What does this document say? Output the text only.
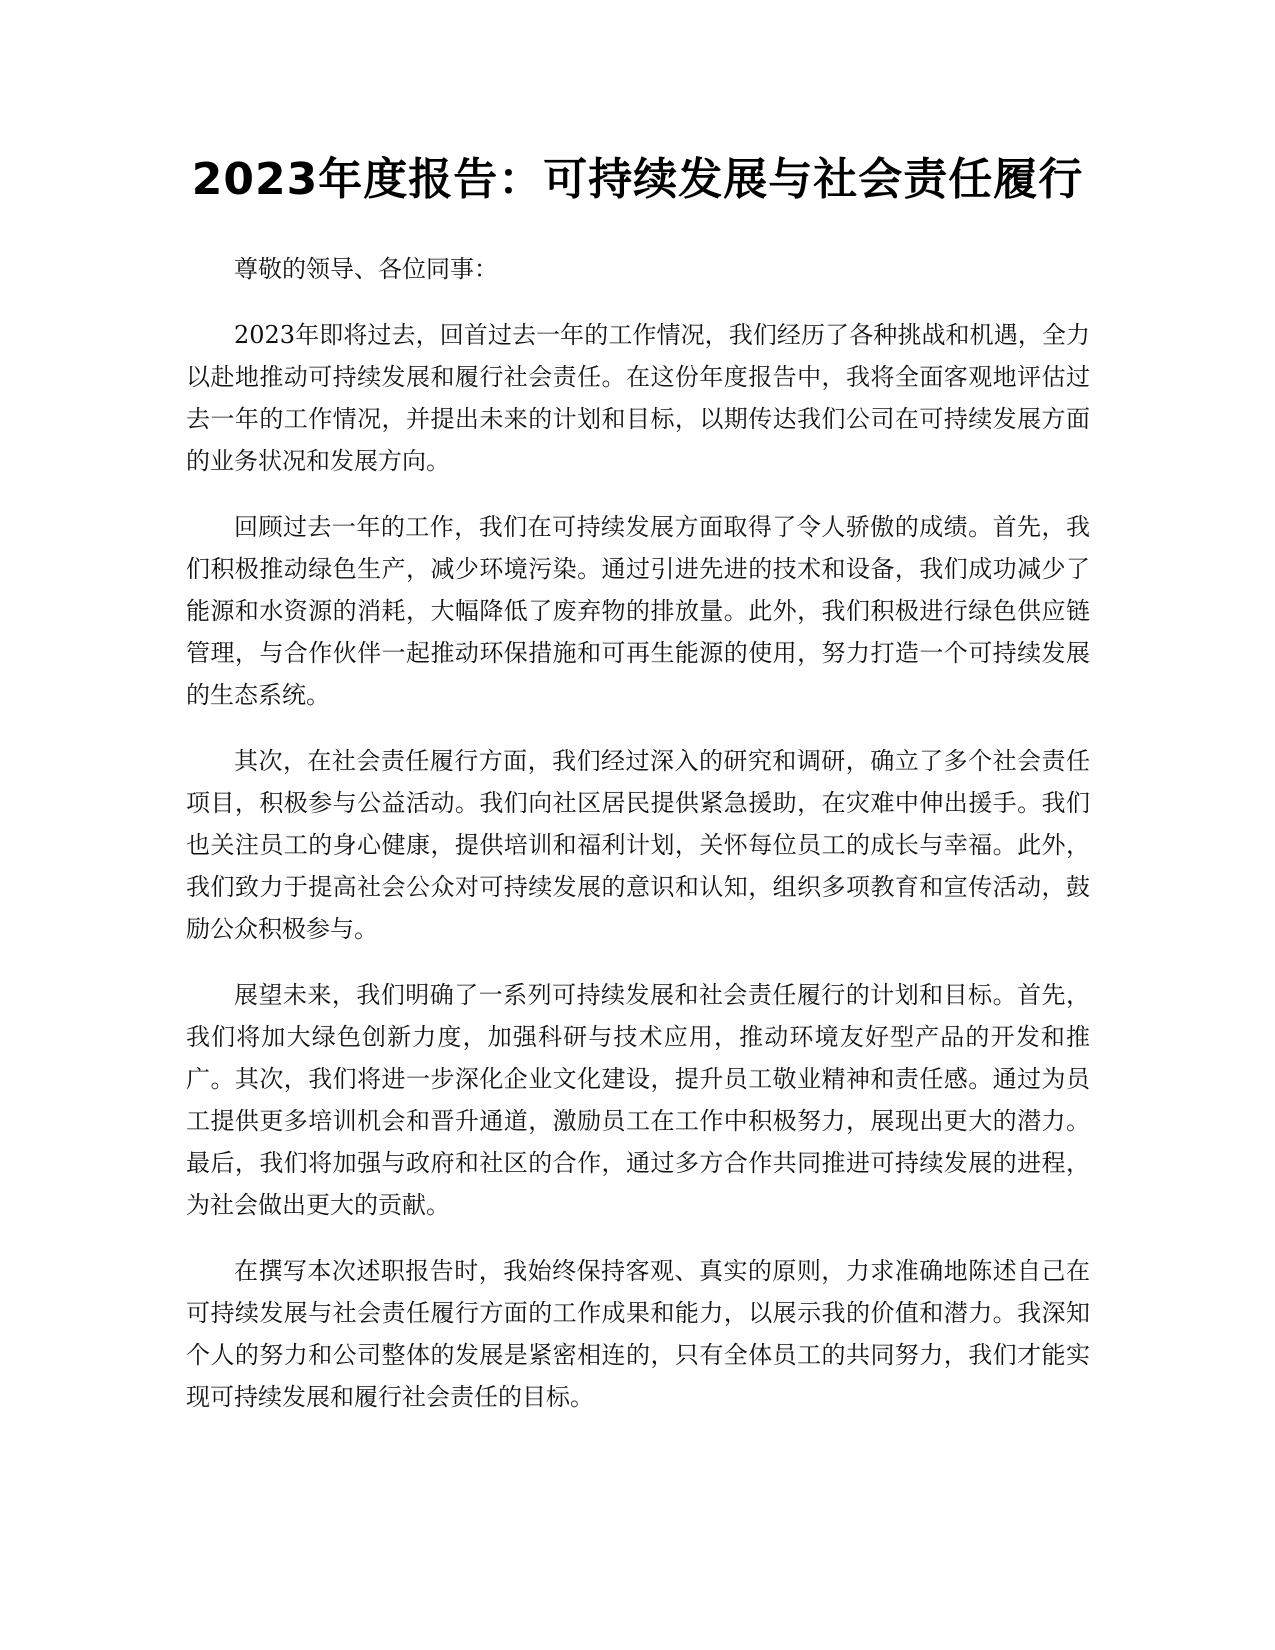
2023年度报告：可持续发展与社会责任履行

尊敬的领导、各位同事：

2023年即将过去，回首过去一年的工作情况，我们经历了各种挑战和机遇，全力以赴地推动可持续发展和履行社会责任。在这份年度报告中，我将全面客观地评估过去一年的工作情况，并提出未来的计划和目标，以期传达我们公司在可持续发展方面的业务状况和发展方向。

回顾过去一年的工作，我们在可持续发展方面取得了令人骄傲的成绩。首先，我们积极推动绿色生产，减少环境污染。通过引进先进的技术和设备，我们成功减少了能源和水资源的消耗，大幅降低了废弃物的排放量。此外，我们积极进行绿色供应链管理，与合作伙伴一起推动环保措施和可再生能源的使用，努力打造一个可持续发展的生态系统。

其次，在社会责任履行方面，我们经过深入的研究和调研，确立了多个社会责任项目，积极参与公益活动。我们向社区居民提供紧急援助，在灾难中伸出援手。我们也关注员工的身心健康，提供培训和福利计划，关怀每位员工的成长与幸福。此外，我们致力于提高社会公众对可持续发展的意识和认知，组织多项教育和宣传活动，鼓励公众积极参与。

展望未来，我们明确了一系列可持续发展和社会责任履行的计划和目标。首先，我们将加大绿色创新力度，加强科研与技术应用，推动环境友好型产品的开发和推广。其次，我们将进一步深化企业文化建设，提升员工敬业精神和责任感。通过为员工提供更多培训机会和晋升通道，激励员工在工作中积极努力，展现出更大的潜力。最后，我们将加强与政府和社区的合作，通过多方合作共同推进可持续发展的进程，为社会做出更大的贡献。

在撰写本次述职报告时，我始终保持客观、真实的原则，力求准确地陈述自己在可持续发展与社会责任履行方面的工作成果和能力，以展示我的价值和潜力。我深知个人的努力和公司整体的发展是紧密相连的，只有全体员工的共同努力，我们才能实现可持续发展和履行社会责任的目标。
